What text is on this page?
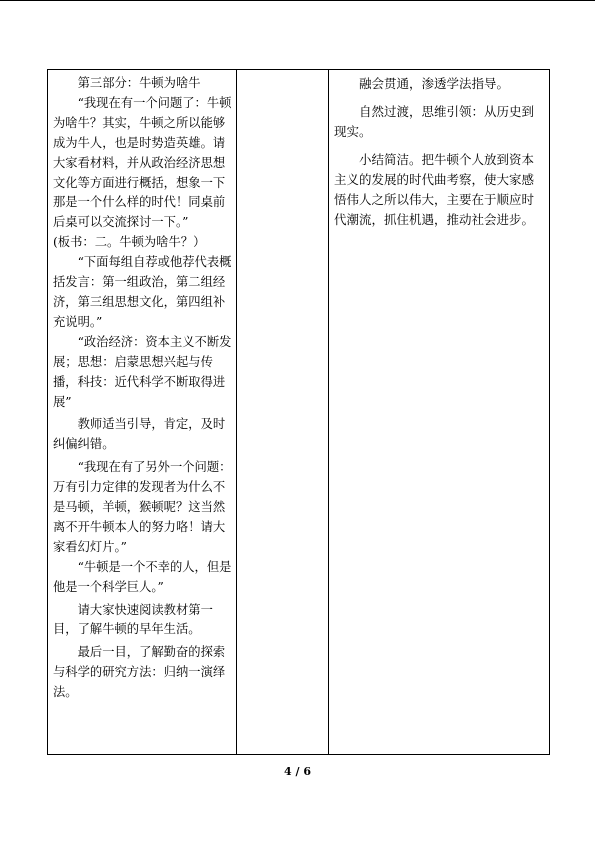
第三部分：牛顿为啥牛

“我现在有一个问题了：牛顿为啥牛？其实，牛顿之所以能够成为牛人，也是时势造英雄。请大家看材料，并从政治经济思想文化等方面进行概括，想象一下那是一个什么样的时代！同桌前后桌可以交流探讨一下。”

(板书：二。牛顿为啥牛？）

“下面每组自荐或他荐代表概括发言：第一组政治，第二组经济，第三组思想文化，第四组补充说明。”

“政治经济：资本主义不断发展；思想：启蒙思想兴起与传播，科技：近代科学不断取得进展”

教师适当引导，肯定，及时纠偏纠错。

“我现在有了另外一个问题：万有引力定律的发现者为什么不是马顿，羊顿，猴顿呢？这当然离不开牛顿本人的努力咯！请大家看幻灯片。”

“牛顿是一个不幸的人，但是他是一个科学巨人。”

请大家快速阅读教材第一目，了解牛顿的早年生活。

最后一目，了解勤奋的探索与科学的研究方法：归纳一演绎法。

融会贯通，渗透学法指导。

自然过渡，思维引领：从历史到现实。

小结简洁。把牛顿个人放到资本主义的发展的时代曲考察，使大家感悟伟人之所以伟大，主要在于顺应时代潮流，抓住机遇，推动社会进步。

4 / 6
